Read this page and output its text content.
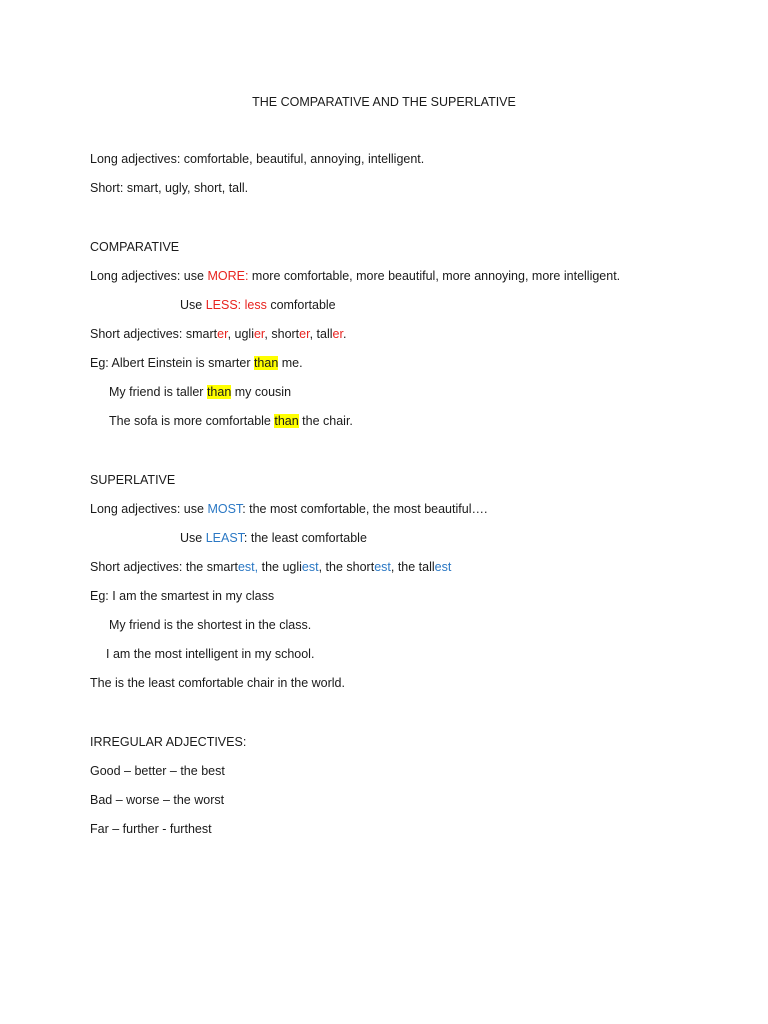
THE COMPARATIVE AND THE SUPERLATIVE
Long adjectives: comfortable, beautiful, annoying, intelligent.
Short: smart, ugly, short, tall.
COMPARATIVE
Long adjectives: use MORE: more comfortable, more beautiful, more annoying, more intelligent.
Use LESS: less comfortable
Short adjectives: smarter, uglier, shorter, taller.
Eg: Albert Einstein is smarter than me.
My friend is taller than my cousin
The sofa is more comfortable than the chair.
SUPERLATIVE
Long adjectives: use MOST: the most comfortable, the most beautiful….
Use LEAST: the least comfortable
Short adjectives: the smartest, the ugliest, the shortest, the tallest
Eg: I am the smartest in my class
My friend is the shortest in the class.
I am the most intelligent in my school.
The is the least comfortable chair in the world.
IRREGULAR ADJECTIVES:
Good – better – the best
Bad – worse – the worst
Far – further - furthest
